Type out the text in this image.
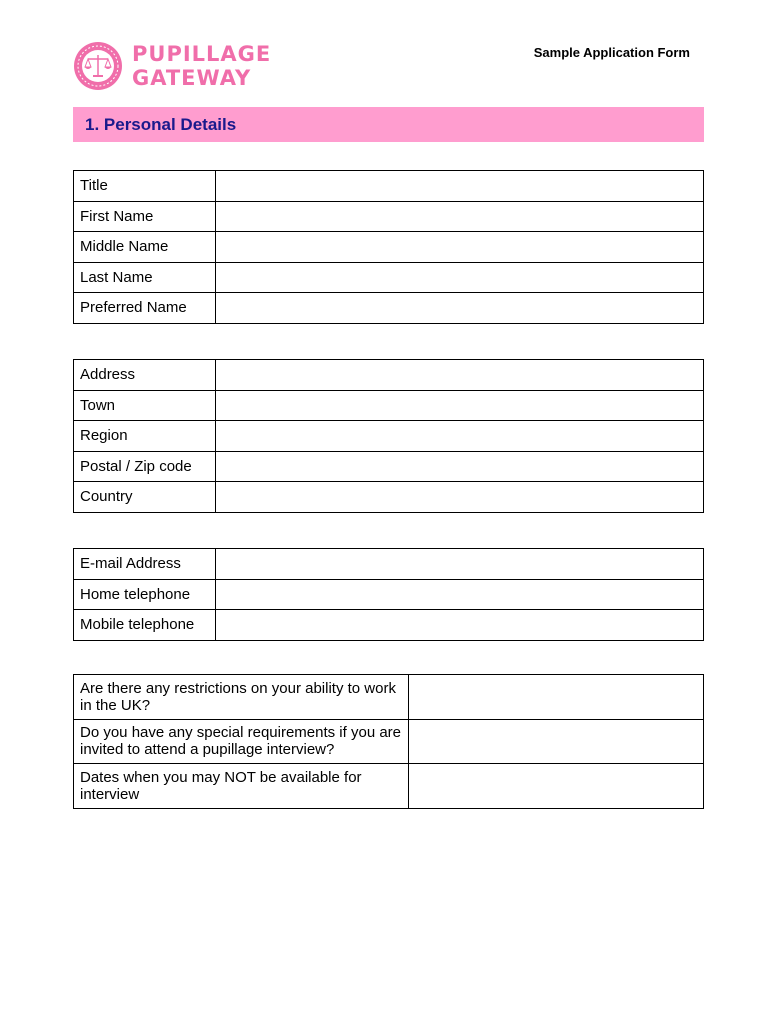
PUPILLAGE
GATEWAY
Sample Application Form
1. Personal Details
Title	
First Name	
Middle Name	
Last Name	
Preferred Name	
Address	
Town	
Region	
Postal / Zip code	
Country	
E-mail Address	
Home telephone	
Mobile telephone	
Are there any restrictions on your ability to work in the UK?	
Do you have any special requirements if you are invited to attend a pupillage interview?	
Dates when you may NOT be available for interview	
